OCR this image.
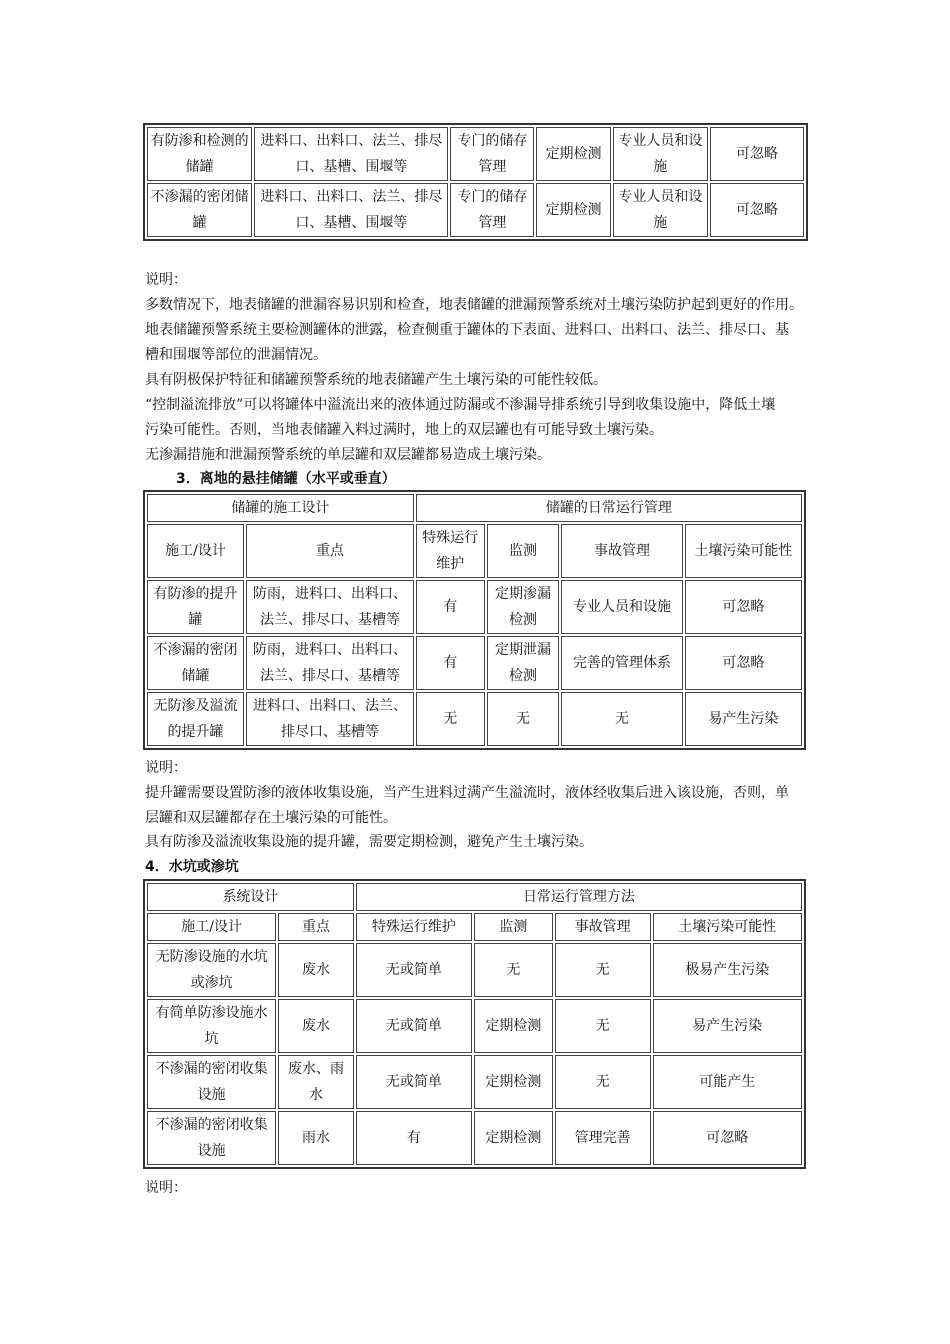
有防渗和检测的储罐	进料口、出料口、法兰、排尽口、基槽、围堰等	专门的储存管理	定期检测	专业人员和设施	可忽略
不渗漏的密闭储罐	进料口、出料口、法兰、排尽口、基槽、围堰等	专门的储存管理	定期检测	专业人员和设施	可忽略
说明：
多数情况下，地表储罐的泄漏容易识别和检查，地表储罐的泄漏预警系统对土壤污染防护起到更好的作用。
地表储罐预警系统主要检测罐体的泄露，检查侧重于罐体的下表面、进料口、出料口、法兰、排尽口、基
槽和围堰等部位的泄漏情况。
具有阴极保护特征和储罐预警系统的地表储罐产生土壤污染的可能性较低。
“控制溢流排放”可以将罐体中溢流出来的液体通过防漏或不渗漏导排系统引导到收集设施中，降低土壤
污染可能性。否则，当地表储罐入料过满时，地上的双层罐也有可能导致土壤污染。
无渗漏措施和泄漏预警系统的单层罐和双层罐都易造成土壤污染。
3．离地的悬挂储罐（水平或垂直）
储罐的施工设计		储罐的日常运行管理			
施工/设计	重点	特殊运行维护	监测	事故管理	土壤污染可能性
有防渗的提升罐	防雨，进料口、出料口、法兰、排尽口、基槽等	有	定期渗漏检测	专业人员和设施	可忽略
不渗漏的密闭储罐	防雨，进料口、出料口、法兰、排尽口、基槽等	有	定期泄漏检测	完善的管理体系	可忽略
无防渗及溢流的提升罐	进料口、出料口、法兰、排尽口、基槽等	无	无	无	易产生污染
说明：
提升罐需要设置防渗的液体收集设施，当产生进料过满产生溢流时，液体经收集后进入该设施，否则，单
层罐和双层罐都存在土壤污染的可能性。
具有防渗及溢流收集设施的提升罐，需要定期检测，避免产生土壤污染。
4．水坑或渗坑
系统设计		日常运行管理方法			
施工/设计	重点	特殊运行维护	监测	事故管理	土壤污染可能性
无防渗设施的水坑或渗坑	废水	无或简单	无	无	极易产生污染
有简单防渗设施水坑	废水	无或简单	定期检测	无	易产生污染
不渗漏的密闭收集设施	废水、雨水	无或简单	定期检测	无	可能产生
不渗漏的密闭收集设施	雨水	有	定期检测	管理完善	可忽略
说明：
